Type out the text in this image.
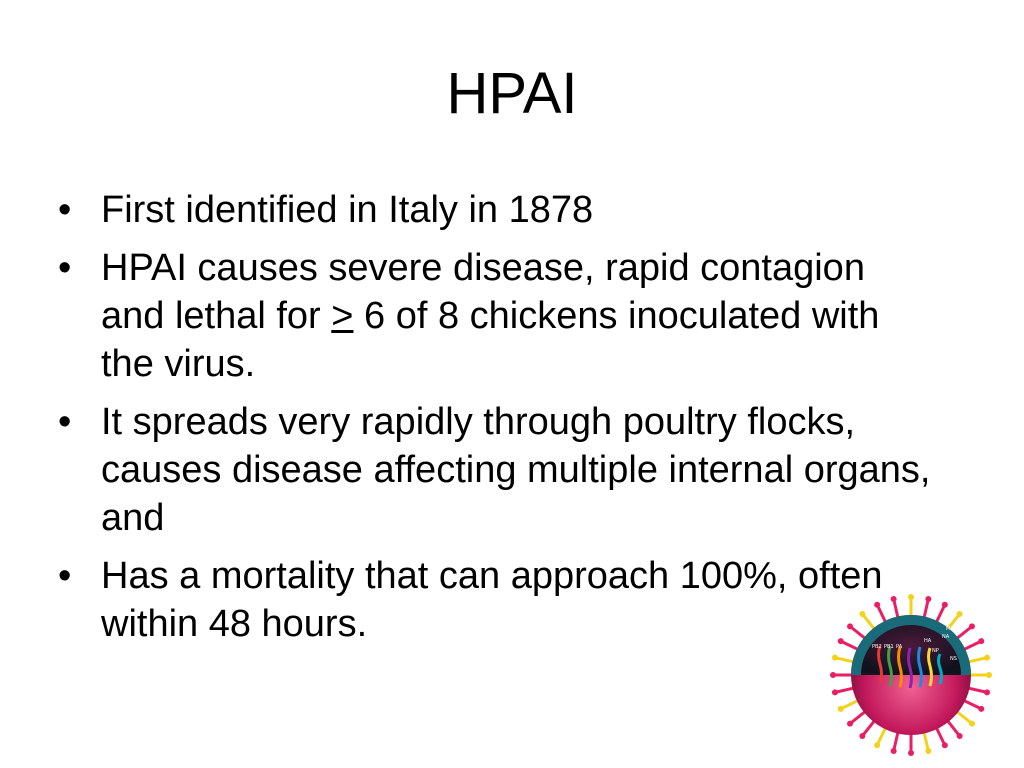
HPAI
• First identified in Italy in 1878
• HPAI causes severe disease, rapid contagion and lethal for > 6 of 8 chickens inoculated with the virus.
• It spreads very rapidly through poultry flocks, causes disease affecting multiple internal organs, and
• Has a mortality that can approach 100%, often within 48 hours.
PB2 PB1 PA
HA
NP
NA
M
NS
